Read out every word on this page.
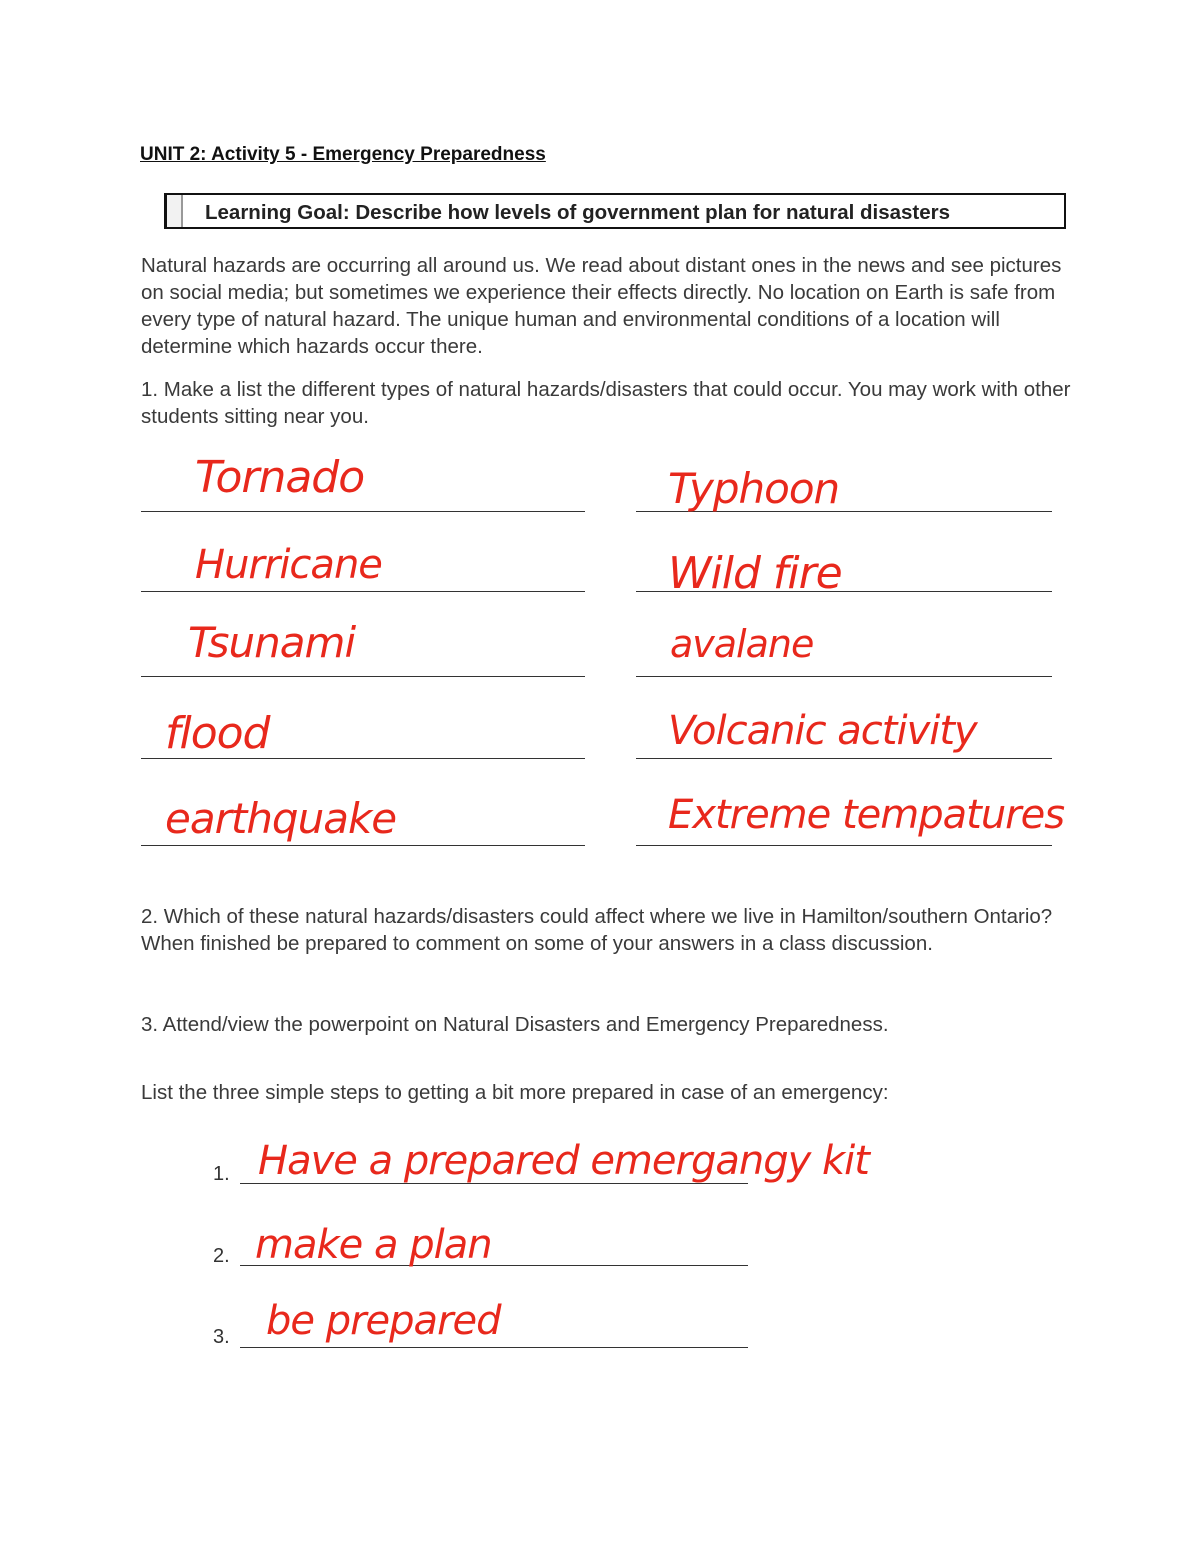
UNIT 2: Activity 5 - Emergency Preparedness
Learning Goal: Describe how levels of government plan for natural disasters

Natural hazards are occurring all around us. We read about distant ones in the news and see pictures on social media; but sometimes we experience their effects directly. No location on Earth is safe from every type of natural hazard. The unique human and environmental conditions of a location will determine which hazards occur there.

1. Make a list the different types of natural hazards/disasters that could occur. You may work with other students sitting near you.

Tornado
Hurricane
Tsunami
flood
earthquake
Typhoon
Wild fire
avalane
Volcanic activity
Extreme tempatures

2. Which of these natural hazards/disasters could affect where we live in Hamilton/southern Ontario? When finished be prepared to comment on some of your answers in a class discussion.

3. Attend/view the powerpoint on Natural Disasters and Emergency Preparedness.

List the three simple steps to getting a bit more prepared in case of an emergency:

1. Have a prepared emergangy kit
2. make a plan
3. be prepared
